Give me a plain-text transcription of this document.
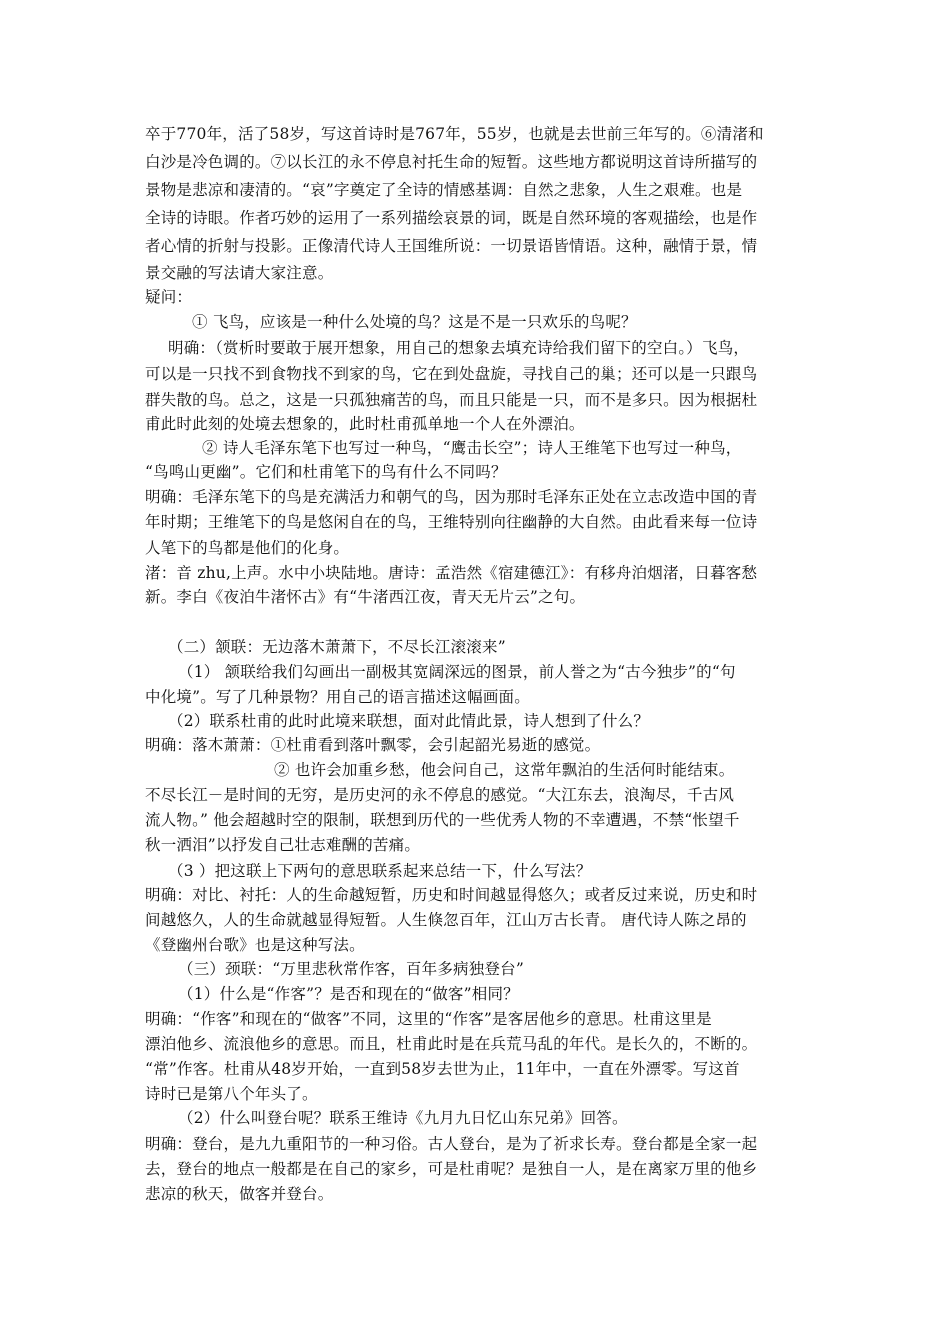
卒于770年，活了58岁，写这首诗时是767年，55岁，也就是去世前三年写的。⑥清渚和
白沙是冷色调的。⑦以长江的永不停息衬托生命的短暂。这些地方都说明这首诗所描写的
景物是悲凉和凄清的。“哀”字奠定了全诗的情感基调：自然之悲象，人生之艰难。也是
全诗的诗眼。作者巧妙的运用了一系列描绘哀景的词，既是自然环境的客观描绘，也是作
者心情的折射与投影。正像清代诗人王国维所说：一切景语皆情语。这种，融情于景，情
景交融的写法请大家注意。
疑问：
① 飞鸟，应该是一种什么处境的鸟？这是不是一只欢乐的鸟呢？
明确：（赏析时要敢于展开想象，用自己的想象去填充诗给我们留下的空白。）飞鸟，
可以是一只找不到食物找不到家的鸟，它在到处盘旋，寻找自己的巢；还可以是一只跟鸟
群失散的鸟。总之，这是一只孤独痛苦的鸟，而且只能是一只，而不是多只。因为根据杜
甫此时此刻的处境去想象的，此时杜甫孤单地一个人在外漂泊。
② 诗人毛泽东笔下也写过一种鸟，“鹰击长空”；诗人王维笔下也写过一种鸟，
“鸟鸣山更幽”。它们和杜甫笔下的鸟有什么不同吗？
明确：毛泽东笔下的鸟是充满活力和朝气的鸟，因为那时毛泽东正处在立志改造中国的青
年时期；王维笔下的鸟是悠闲自在的鸟，王维特别向往幽静的大自然。由此看来每一位诗
人笔下的鸟都是他们的化身。
渚：音 zhu,上声。水中小块陆地。唐诗：孟浩然《宿建德江》：有移舟泊烟渚，日暮客愁
新。李白《夜泊牛渚怀古》有“牛渚西江夜，青天无片云”之句。
（二）颔联：无边落木萧萧下，不尽长江滚滚来”
（1） 颔联给我们勾画出一副极其宽阔深远的图景，前人誉之为“古今独步”的“句
中化境”。写了几种景物？用自己的语言描述这幅画面。
（2）联系杜甫的此时此境来联想，面对此情此景，诗人想到了什么？
明确：落木萧萧：①杜甫看到落叶飘零，会引起韶光易逝的感觉。
② 也许会加重乡愁，他会问自己，这常年飘泊的生活何时能结束。
不尽长江－是时间的无穷，是历史河的永不停息的感觉。“大江东去，浪淘尽，千古风
流人物。” 他会超越时空的限制，联想到历代的一些优秀人物的不幸遭遇，不禁“怅望千
秋一洒泪”以抒发自己壮志难酬的苦痛。
（3 ）把这联上下两句的意思联系起来总结一下，什么写法？
明确：对比、衬托：人的生命越短暂，历史和时间越显得悠久；或者反过来说，历史和时
间越悠久，人的生命就越显得短暂。人生倏忽百年，江山万古长青。 唐代诗人陈之昂的
《登幽州台歌》也是这种写法。
（三）颈联：“万里悲秋常作客，百年多病独登台”
（1）什么是“作客”？是否和现在的“做客”相同？
明确：“作客”和现在的“做客”不同，这里的“作客”是客居他乡的意思。杜甫这里是
漂泊他乡、流浪他乡的意思。而且，杜甫此时是在兵荒马乱的年代。是长久的，不断的。
“常”作客。杜甫从48岁开始，一直到58岁去世为止，11年中，一直在外漂零。写这首
诗时已是第八个年头了。
（2）什么叫登台呢？联系王维诗《九月九日忆山东兄弟》回答。
明确：登台，是九九重阳节的一种习俗。古人登台，是为了祈求长寿。登台都是全家一起
去，登台的地点一般都是在自己的家乡，可是杜甫呢？是独自一人，是在离家万里的他乡
悲凉的秋天，做客并登台。
